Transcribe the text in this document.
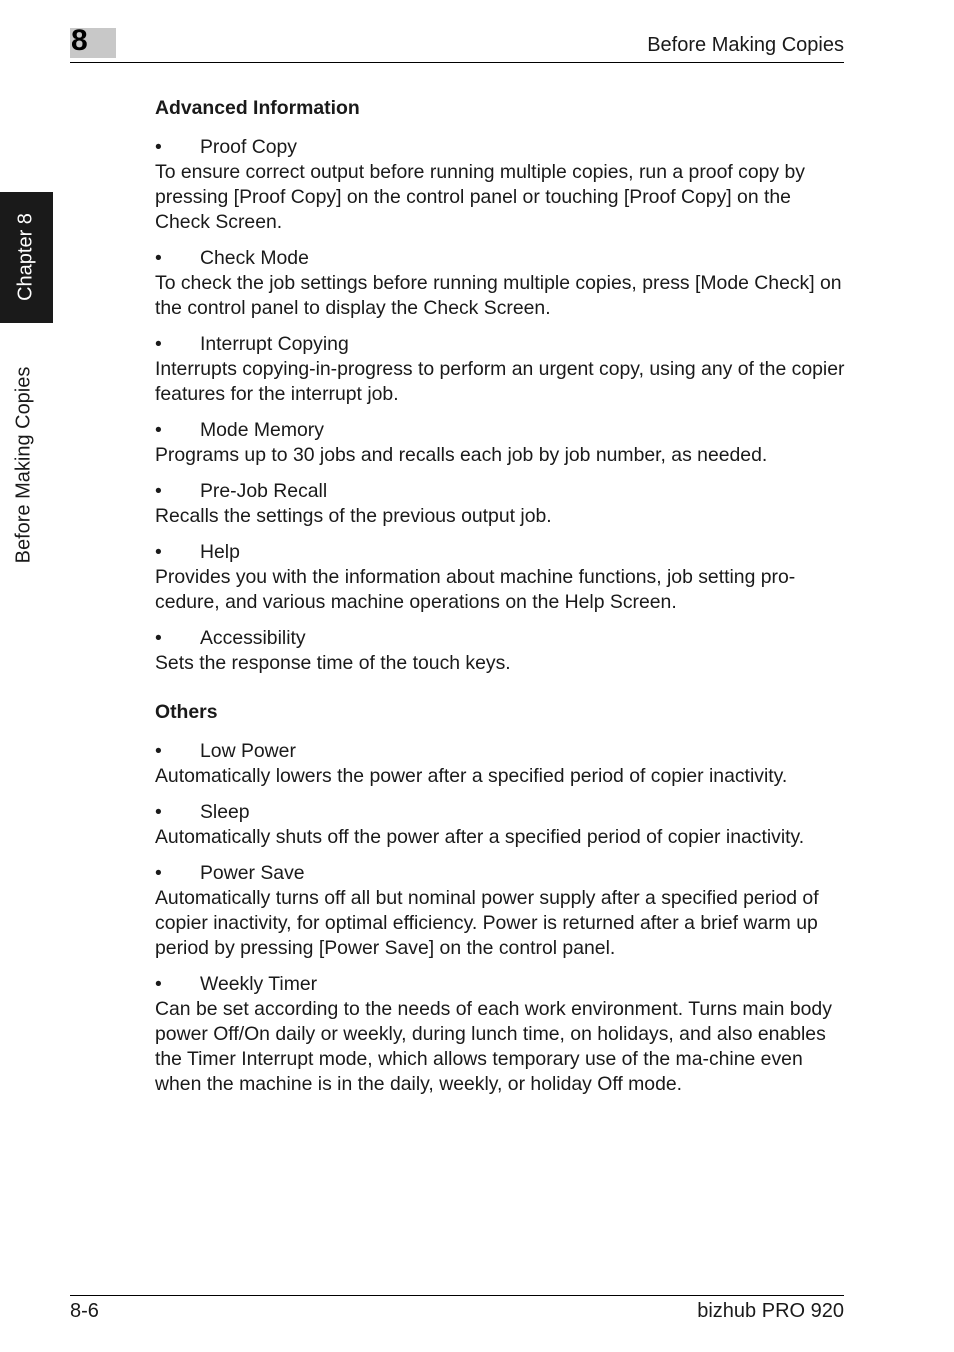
8	Before Making Copies
Chapter 8
Before Making Copies
Advanced Information
• Proof Copy

To ensure correct output before running multiple copies, run a proof copy by pressing [Proof Copy] on the control panel or touching [Proof Copy] on the Check Screen.

• Check Mode

To check the job settings before running multiple copies, press [Mode Check] on the control panel to display the Check Screen.

• Interrupt Copying

Interrupts copying-in-progress to perform an urgent copy, using any of the copier features for the interrupt job.

• Mode Memory

Programs up to 30 jobs and recalls each job by job number, as needed.

• Pre-Job Recall

Recalls the settings of the previous output job.

• Help

Provides you with the information about machine functions, job setting pro-cedure, and various machine operations on the Help Screen.

• Accessibility

Sets the response time of the touch keys.

Others
• Low Power

Automatically lowers the power after a specified period of copier inactivity.

• Sleep

Automatically shuts off the power after a specified period of copier inactivity.

• Power Save

Automatically turns off all but nominal power supply after a specified period of copier inactivity, for optimal efficiency. Power is returned after a brief warm up period by pressing [Power Save] on the control panel.

• Weekly Timer

Can be set according to the needs of each work environment. Turns main body power Off/On daily or weekly, during lunch time, on holidays, and also enables the Timer Interrupt mode, which allows temporary use of the ma-chine even when the machine is in the daily, weekly, or holiday Off mode.

8-6	bizhub PRO 920
